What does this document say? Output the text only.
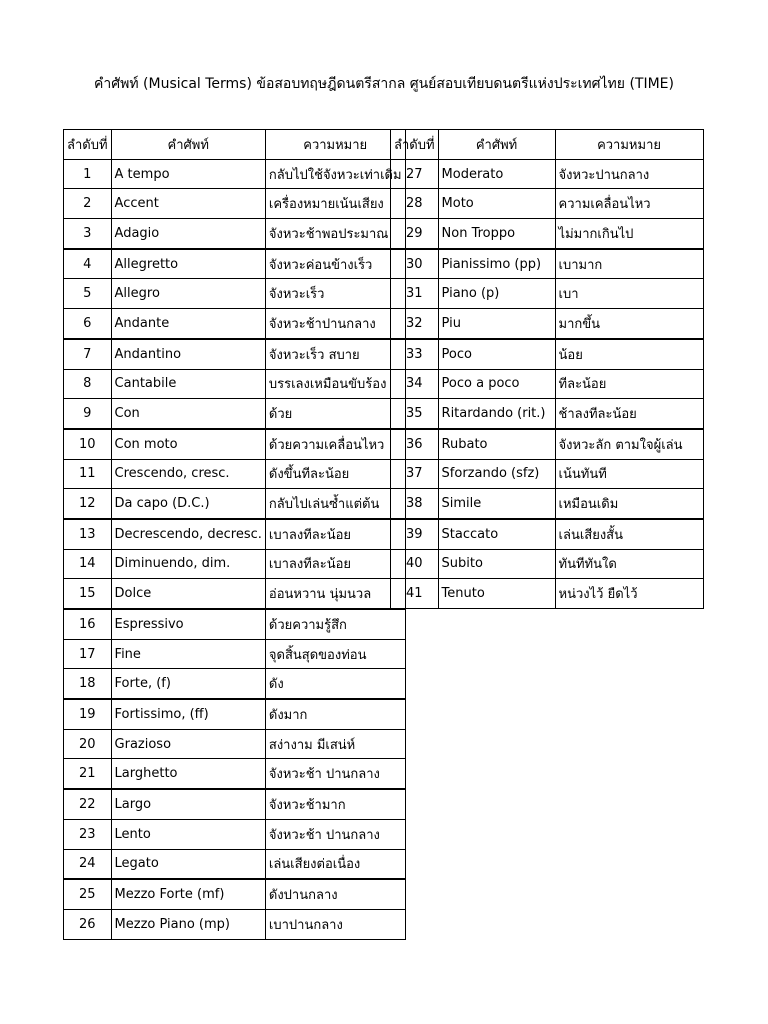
คำศัพท์ (Musical Terms) ข้อสอบทฤษฎีดนตรีสากล ศูนย์สอบเทียบดนตรีแห่งประเทศไทย (TIME)
ลำดับที่	คำศัพท์	ความหมาย
1	A tempo	กลับไปใช้จังหวะเท่าเดิม
2	Accent	เครื่องหมายเน้นเสียง
3	Adagio	จังหวะช้าพอประมาณ
4	Allegretto	จังหวะค่อนข้างเร็ว
5	Allegro	จังหวะเร็ว
6	Andante	จังหวะช้าปานกลาง
7	Andantino	จังหวะเร็ว สบาย
8	Cantabile	บรรเลงเหมือนขับร้อง
9	Con	ด้วย
10	Con moto	ด้วยความเคลื่อนไหว
11	Crescendo, cresc.	ดังขึ้นทีละน้อย
12	Da capo (D.C.)	กลับไปเล่นซ้ำแต่ต้น
13	Decrescendo, decresc.	เบาลงทีละน้อย
14	Diminuendo, dim.	เบาลงทีละน้อย
15	Dolce	อ่อนหวาน นุ่มนวล
16	Espressivo	ด้วยความรู้สึก
17	Fine	จุดสิ้นสุดของท่อน
18	Forte, (f)	ดัง
19	Fortissimo, (ff)	ดังมาก
20	Grazioso	สง่างาม มีเสน่ห์
21	Larghetto	จังหวะช้า ปานกลาง
22	Largo	จังหวะช้ามาก
23	Lento	จังหวะช้า ปานกลาง
24	Legato	เล่นเสียงต่อเนื่อง
25	Mezzo Forte (mf)	ดังปานกลาง
26	Mezzo Piano (mp)	เบาปานกลาง
ลำดับที่	คำศัพท์	ความหมาย
27	Moderato	จังหวะปานกลาง
28	Moto	ความเคลื่อนไหว
29	Non Troppo	ไม่มากเกินไป
30	Pianissimo (pp)	เบามาก
31	Piano (p)	เบา
32	Piu	มากขึ้น
33	Poco	น้อย
34	Poco a poco	ทีละน้อย
35	Ritardando (rit.)	ช้าลงทีละน้อย
36	Rubato	จังหวะลัก ตามใจผู้เล่น
37	Sforzando (sfz)	เน้นทันที
38	Simile	เหมือนเดิม
39	Staccato	เล่นเสียงสั้น
40	Subito	ทันทีทันใด
41	Tenuto	หน่วงไว้ ยืดไว้
